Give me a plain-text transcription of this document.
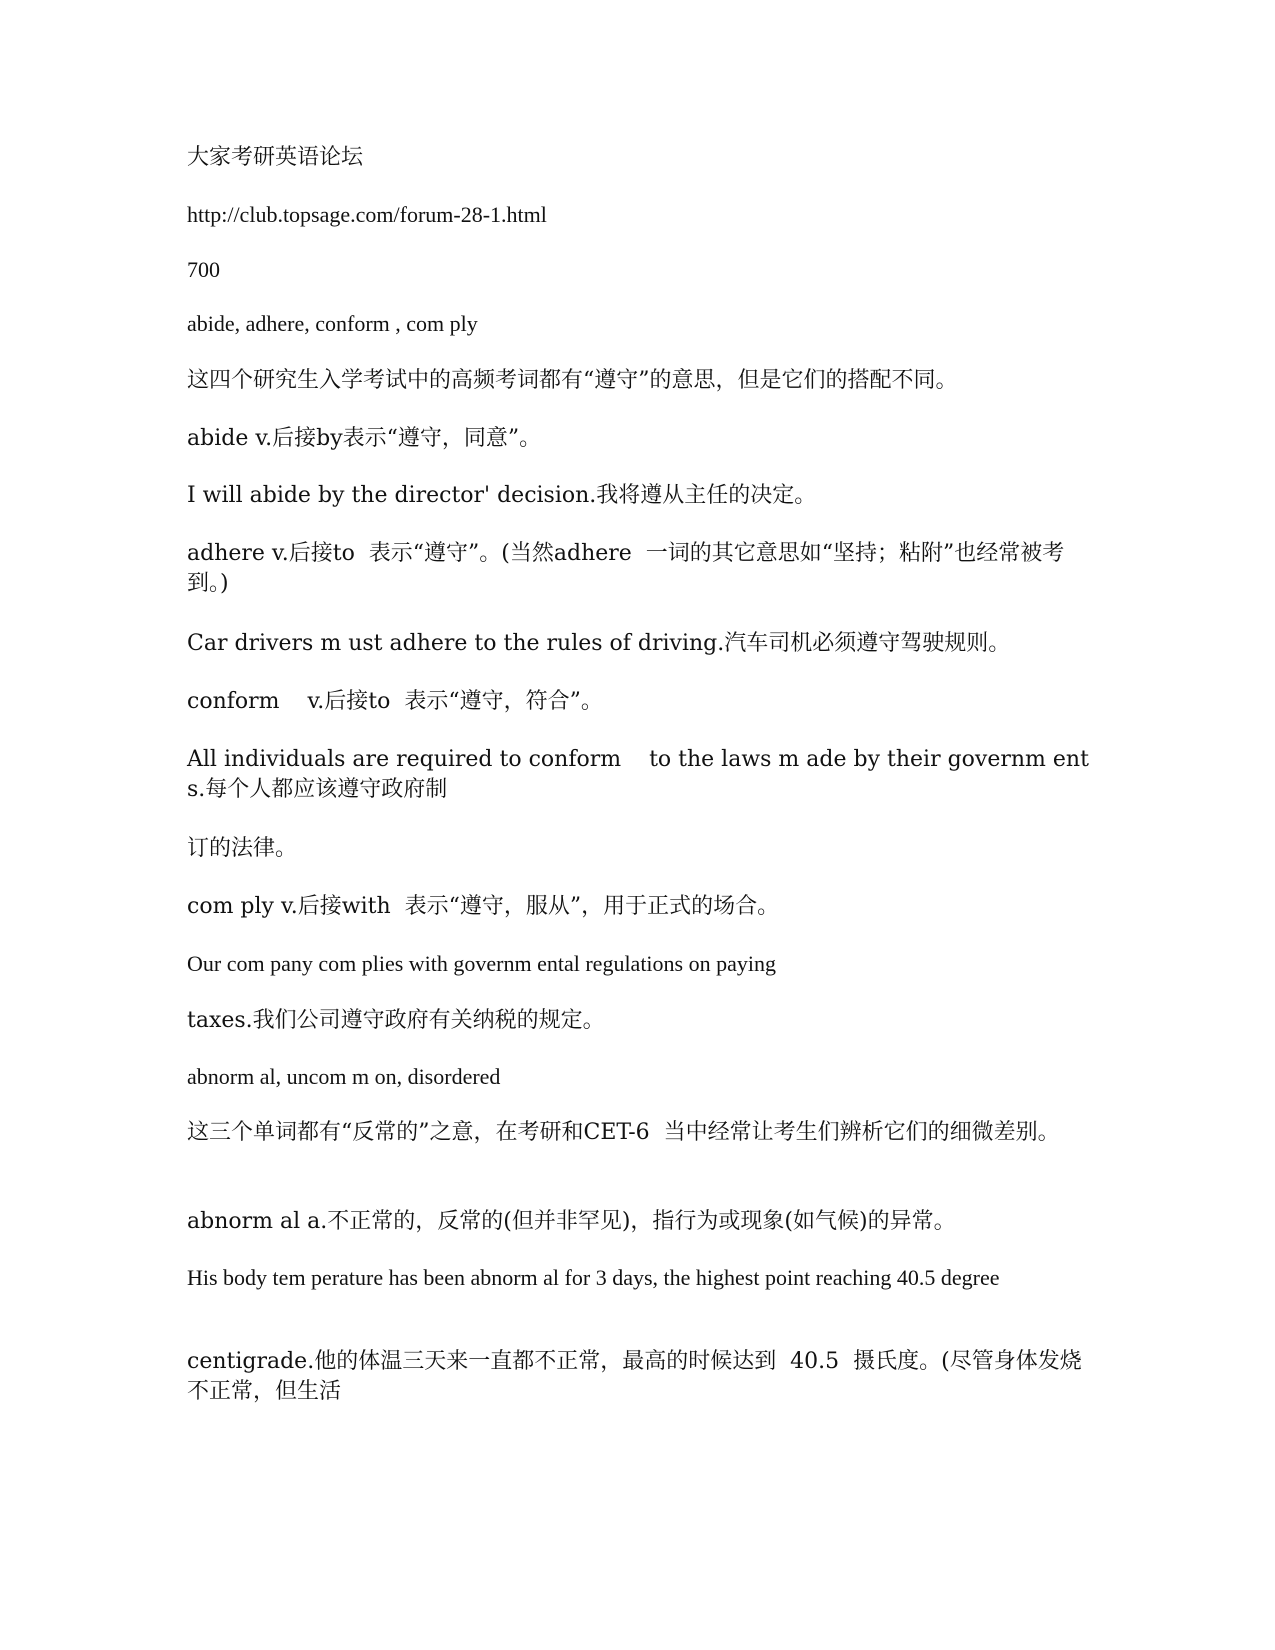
大家考研英语论坛

http://club.topsage.com/forum-28-1.html

700

abide, adhere, conform , com ply

这四个研究生入学考试中的高频考词都有“遵守”的意思，但是它们的搭配不同。

abide v.后接by表示“遵守，同意”。

I will abide by the director' decision.我将遵从主任的决定。

adhere v.后接to  表示“遵守”。(当然adhere  一词的其它意思如“坚持；粘附”也经常被考到。)

Car drivers m ust adhere to the rules of driving.汽车司机必须遵守驾驶规则。

conform    v.后接to  表示“遵守，符合”。

All individuals are required to conform    to the laws m ade by their governm ents.每个人都应该遵守政府制

订的法律。

com ply v.后接with  表示“遵守，服从”，用于正式的场合。

Our com pany com plies with governm ental regulations on paying

taxes.我们公司遵守政府有关纳税的规定。

abnorm al, uncom m on, disordered

这三个单词都有“反常的”之意，在考研和CET-6  当中经常让考生们辨析它们的细微差别。

abnorm al a.不正常的，反常的(但并非罕见)，指行为或现象(如气候)的异常。

His body tem perature has been abnorm al for 3 days, the highest point reaching 40.5 degree

centigrade.他的体温三天来一直都不正常，最高的时候达到  40.5  摄氏度。(尽管身体发烧不正常，但生活
